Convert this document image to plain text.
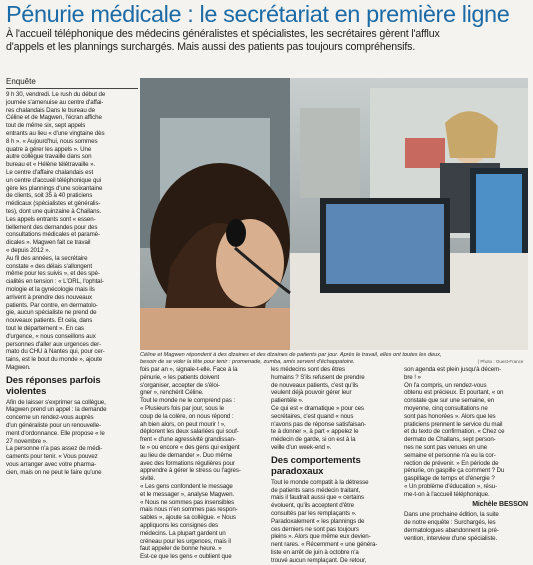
Pénurie médicale : le secrétariat en première ligne
À l'accueil téléphonique des médecins généralistes et spécialistes, les secrétaires gèrent l'afflux
d'appels et les plannings surchargés. Mais aussi des patients pas toujours compréhensifs.
Enquête
9 h 30, vendredi. Le rush du début de
journée s'amenuise au centre d'affai-
res chalandais Dans le bureau de
Céline et de Magwen, l'écran affiche
tout de même six, sept appels
entrants au lieu « d'une vingtaine dès
8 h ». « Aujourd'hui, nous sommes
quatre à gérer les appels ». Une
autre collègue travaille dans son
bureau et « Hélène télétravaille ».
Le centre d'affaire chalandais est
un centre d'accueil téléphonique qui
gère les plannings d'une soixantaine
de clients, soit 35 à 40 praticiens
médicaux (spécialistes et généralis-
tes), dont une quinzaine à Challans.
Les appels entrants sont « essen-
tiellement des demandes pour des
consultations médicales et paramé-
dicales ». Magwen fait ce travail
« depuis 2012 ».
Au fil des années, la secrétaire
constate « des délais s'allongent
même pour les suivis », et des spé-
cialités en tension : « L'ORL, l'ophtal-
mologie et la gynécologie mais ils
arrivent à prendre des nouveaux
patients. Par contre, en dermatolo-
gie, aucun spécialiste ne prend de
nouveaux patients. Et cela, dans
tout le département ». En cas
d'urgence, « nous conseillons aux
personnes d'aller aux urgences der-
mato du CHU à Nantes qui, pour cer-
tains, est le bout du monde », ajoute
Magwen.
Des réponses parfois violentes
Afin de laisser s'exprimer sa collègue,
Magwen prend un appel : la demande
concerne un rendez-vous auprès
d'un généraliste pour un renouvelle-
ment d'ordonnance. Elle propose « le
27 novembre ».
La personne n'a pas assez de médi-
caments pour tenir. « Vous pouvez
vous arranger avec votre pharma-
cien, mais on ne peut le faire qu'une
Céline et Magwen répondent à des dizaines et des dizaines de patients par jour. Après le travail, elles ont toutes les deux,
besoin de se vider la tête pour tenir : promenade, zumba, amis servent d'échappatoire.	| Photo : Ouest-France
fois par an », signale-t-elle. Face à la
pénurie, « les patients doivent
s'organiser, accepter de s'éloi-
gner », renchérit Céline.
Tout le monde ne le comprend pas :
« Plusieurs fois par jour, sous le
coup de la colère, on nous répond :
ah bien alors, on peut mourir ! »,
déplorent les deux salariées qui souf-
frent « d'une agressivité grandissan-
te » ou encore « des gens qui exigent
au lieu de demander ». Duo même
avec des formations régulières pour
apprendre à gérer le stress ou l'agres-
sivité.
« Les gens confondent le message
et le messager », analyse Magwen.
« Nous ne sommes pas insensibles
mais nous n'en sommes pas respon-
sables », ajoute sa collègue. « Nous
appliquons les consignes des
médecins. La plupart gardent un
créneau pour les urgences, mais il
faut appeler de bonne heure. »
Est-ce que les gens « oublient que
les médecins sont des êtres
humains ? S'ils refusent de prendre
de nouveaux patients, c'est qu'ils
veulent déjà pouvoir gérer leur
patientèle ».
Ce qui est « dramatique » pour ces
secrétaires, c'est quand « nous
n'avons pas de réponse satisfaisan-
te à donner », à part « appelez le
médecin de garde, si on est à la
veille d'un week-end ».
Des comportements paradoxaux
Tout le monde compatit à la détresse
de patients sans médecin traitant,
mais il faudrait aussi que « certains
évoluent, qu'ils acceptent d'être
consultés par les remplaçants ».
Paradoxalement « les plannings de
ces derniers ne sont pas toujours
pleins ». Alors que même eux devien-
nent rares. « Récemment « une généra-
liste en arrêt de juin à octobre n'a
trouvé aucun remplaçant. De retour,
son agenda est plein jusqu'à décem-
bre ! »
On l'a compris, un rendez-vous
obtenu est précieux. Et pourtant, « on
constate que sur une semaine, en
moyenne, cinq consultations ne
sont pas honorées ». Alors que les
praticiens prennent le service du mail
et du texto de confirmation. « Chez ce
dermato de Challans, sept person-
nes ne sont pas venues en une
semaine et personne n'a eu la cor-
rection de prévenir. » En période de
pénurie, on gaspille ça comment ? Du
gaspillage de temps et d'énergie ?
« Un problème d'éducation », résu-
me-t-on à l'accueil téléphonique.
Michèle BESSON
Dans une prochaine édition, la suite
de notre enquête : Surchargés, les
dermatologues abandonnent la pré-
vention, interview d'une spécialiste.
